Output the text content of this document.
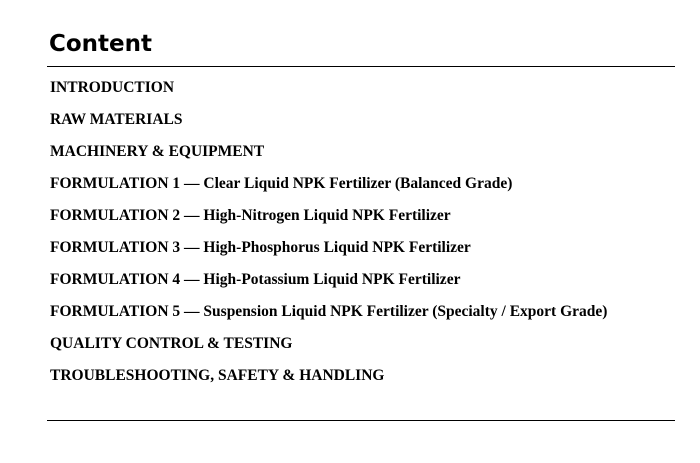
Content
INTRODUCTION
RAW MATERIALS
MACHINERY & EQUIPMENT
FORMULATION 1 — Clear Liquid NPK Fertilizer (Balanced Grade)
FORMULATION 2 — High-Nitrogen Liquid NPK Fertilizer
FORMULATION 3 — High-Phosphorus Liquid NPK Fertilizer
FORMULATION 4 — High-Potassium Liquid NPK Fertilizer
FORMULATION 5 — Suspension Liquid NPK Fertilizer (Specialty / Export Grade)
QUALITY CONTROL & TESTING
TROUBLESHOOTING, SAFETY & HANDLING
